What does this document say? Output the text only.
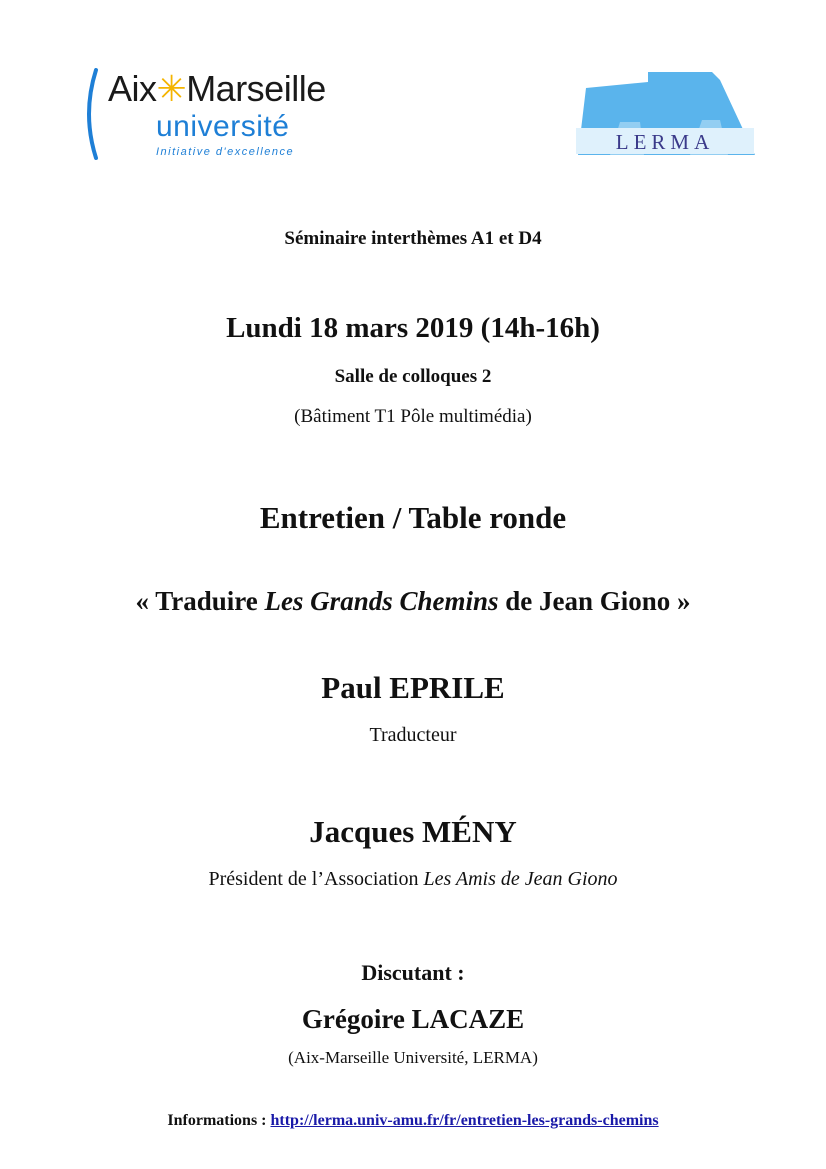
Aix✳Marseille
université
Initiative d'excellence	LERMA
Séminaire interthèmes A1 et D4
Lundi 18 mars 2019 (14h-16h)
Salle de colloques 2
(Bâtiment T1 Pôle multimédia)
Entretien / Table ronde
« Traduire Les Grands Chemins de Jean Giono »
Paul EPRILE
Traducteur
Jacques MÉNY
Président de l’Association Les Amis de Jean Giono
Discutant :
Grégoire LACAZE
(Aix-Marseille Université, LERMA)
Informations : http://lerma.univ-amu.fr/fr/entretien-les-grands-chemins
